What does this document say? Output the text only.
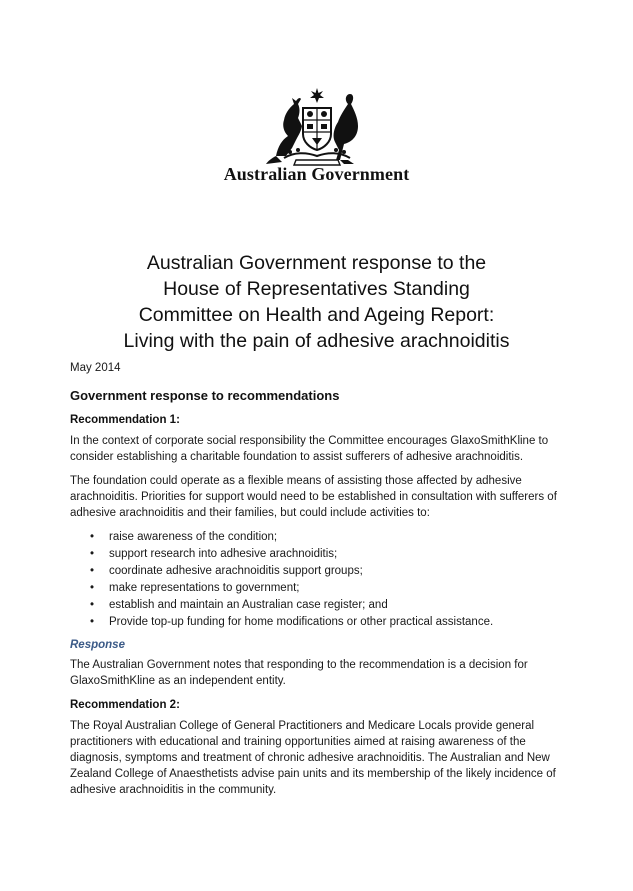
Australian Government
Australian Government response to the
House of Representatives Standing
Committee on Health and Ageing Report:
Living with the pain of adhesive arachnoiditis

May 2014

Government response to recommendations

Recommendation 1:

In the context of corporate social responsibility the Committee encourages GlaxoSmithKline to consider establishing a charitable foundation to assist sufferers of adhesive arachnoiditis.

The foundation could operate as a flexible means of assisting those affected by adhesive arachnoiditis. Priorities for support would need to be established in consultation with sufferers of adhesive arachnoiditis and their families, but could include activities to:

• raise awareness of the condition;
• support research into adhesive arachnoiditis;
• coordinate adhesive arachnoiditis support groups;
• make representations to government;
• establish and maintain an Australian case register; and
• Provide top-up funding for home modifications or other practical assistance.

Response

The Australian Government notes that responding to the recommendation is a decision for GlaxoSmithKline as an independent entity.

Recommendation 2:

The Royal Australian College of General Practitioners and Medicare Locals provide general practitioners with educational and training opportunities aimed at raising awareness of the diagnosis, symptoms and treatment of chronic adhesive arachnoiditis. The Australian and New Zealand College of Anaesthetists advise pain units and its membership of the likely incidence of adhesive arachnoiditis in the community.
